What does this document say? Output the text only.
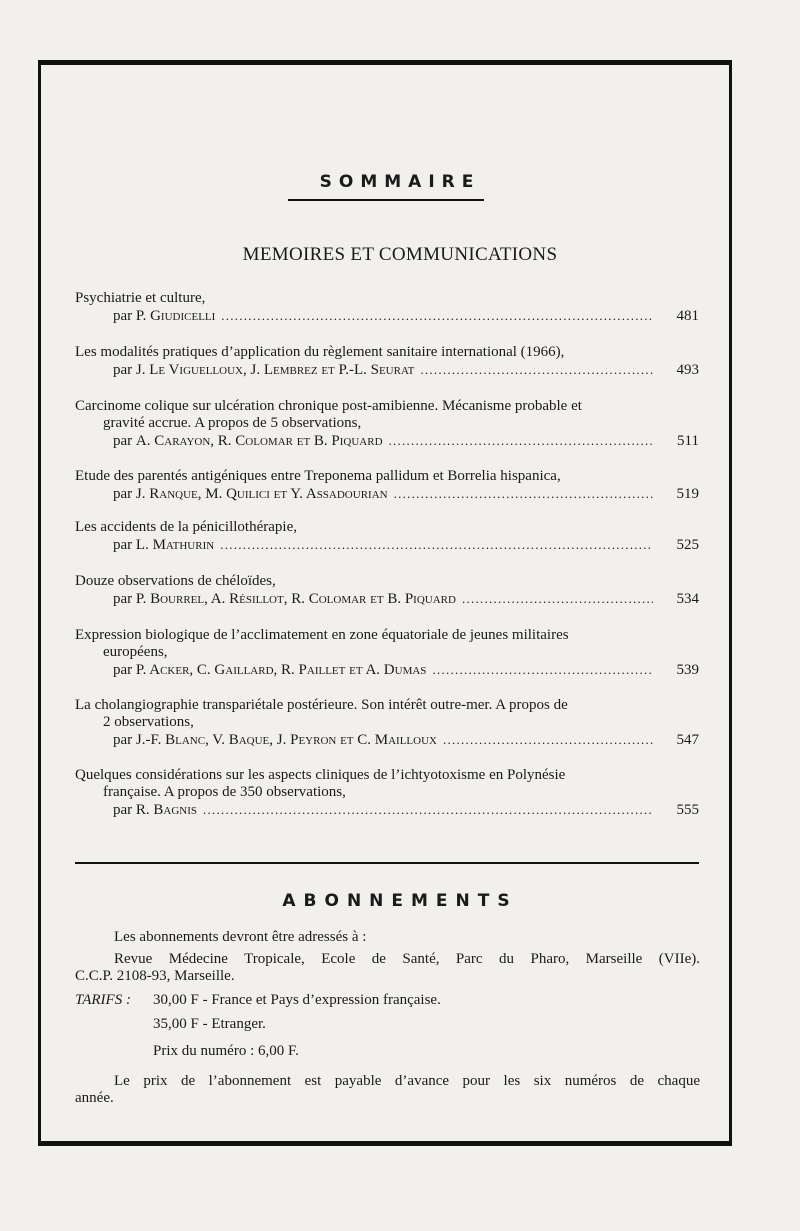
SOMMAIRE
MEMOIRES ET COMMUNICATIONS
Psychiatrie et culture,
par P. Giudicelli . . .	481
Les modalités pratiques d’application du règlement sanitaire international (1966),
par J. Le Viguelloux, J. Lembrez et P.-L. Seurat . . .	493
Carcinome colique sur ulcération chronique post-amibienne. Mécanisme probable et
gravité accrue. A propos de 5 observations,
par A. Carayon, R. Colomar et B. Piquard . . .	511
Etude des parentés antigéniques entre Treponema pallidum et Borrelia hispanica,
par J. Ranque, M. Quilici et Y. Assadourian . . .	519
Les accidents de la pénicillothérapie,
par L. Mathurin . . .	525
Douze observations de chéloïdes,
par P. Bourrel, A. Résillot, R. Colomar et B. Piquard . . .	534
Expression biologique de l’acclimatement en zone équatoriale de jeunes militaires
européens,
par P. Acker, C. Gaillard, R. Paillet et A. Dumas . . .	539
La cholangiographie transpariétale postérieure. Son intérêt outre-mer. A propos de
2 observations,
par J.-F. Blanc, V. Baque, J. Peyron et C. Mailloux . . .	547
Quelques considérations sur les aspects cliniques de l’ichtyotoxisme en Polynésie
française. A propos de 350 observations,
par R. Bagnis . . .	555
ABONNEMENTS
Les abonnements devront être adressés à :
Revue Médecine Tropicale, Ecole de Santé, Parc du Pharo, Marseille (VIIe).
C.C.P. 2108-93, Marseille.
TARIFS : 30,00 F - France et Pays d’expression française.
35,00 F - Etranger.
Prix du numéro : 6,00 F.
Le prix de l’abonnement est payable d’avance pour les six numéros de chaque
année.
